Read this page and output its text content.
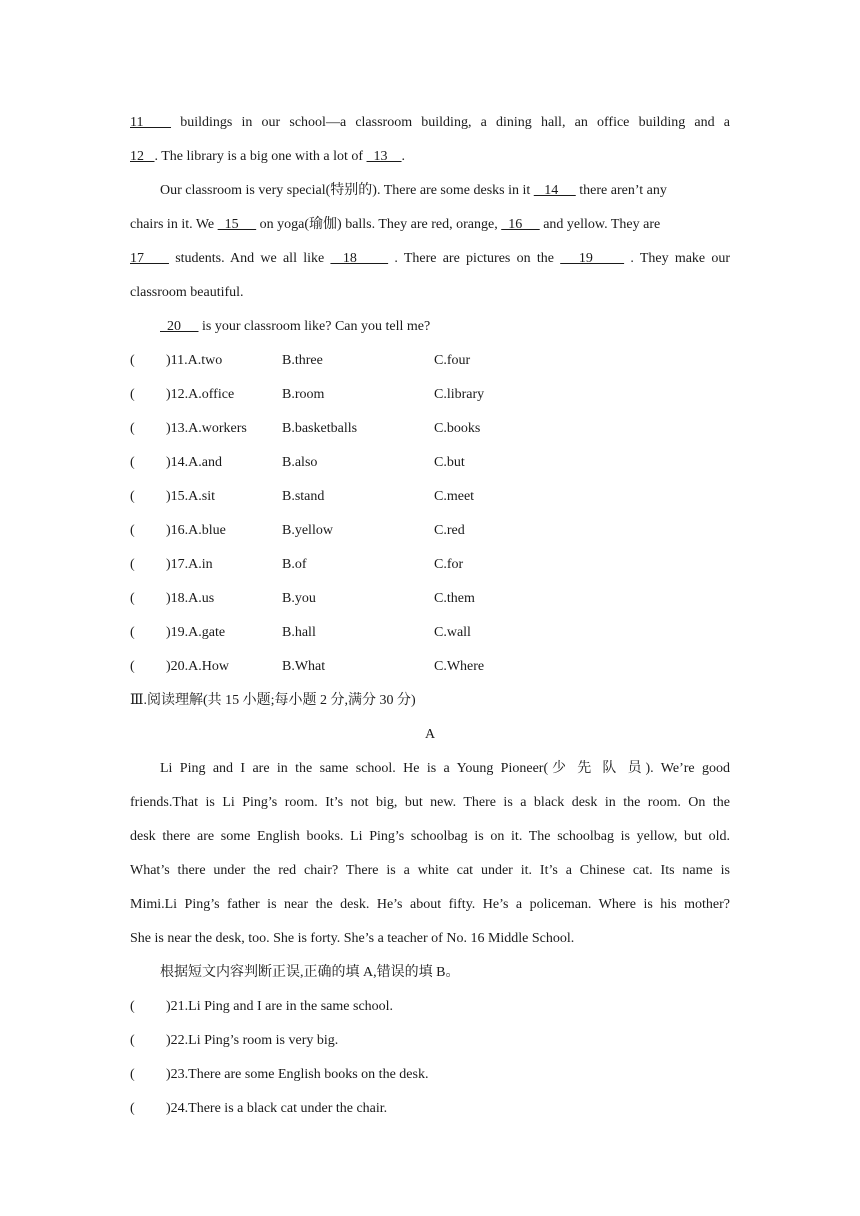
11    buildings in our school—a classroom building, a dining hall, an office building and a
12   . The library is a big one with a lot of   13    .
Our classroom is very special(特别的). There are some desks in it    14      there aren’t any
chairs in it. We   15      on yoga(瑜伽) balls. They are red, orange,   16      and yellow. They are
17     students. And we all like   18      . There are pictures on the    19      . They make our
classroom beautiful.
20      is your classroom like? Can you tell me?
( )11.A.two	B.three	C.four
( )12.A.office	B.room	C.library
( )13.A.workers	B.basketballs	C.books
( )14.A.and	B.also	C.but
( )15.A.sit	B.stand	C.meet
( )16.A.blue	B.yellow	C.red
( )17.A.in	B.of	C.for
( )18.A.us	B.you	C.them
( )19.A.gate	B.hall	C.wall
( )20.A.How	B.What	C.Where
Ⅲ.阅读理解(共 15 小题;每小题 2 分,满分 30 分)
A
Li Ping and I are in the same school. He is a Young Pioneer(少 先 队 员). We’re good
friends.That is Li Ping’s room. It’s not big, but new. There is a black desk in the room. On the
desk there are some English books. Li Ping’s schoolbag is on it. The schoolbag is yellow, but old.
What’s there under the red chair? There is a white cat under it. It’s a Chinese cat. Its name is
Mimi.Li Ping’s father is near the desk. He’s about fifty. He’s a policeman. Where is his mother?
She is near the desk, too. She is forty. She’s a teacher of No. 16 Middle School.
根据短文内容判断正误,正确的填 A,错误的填 B。
( )21.Li Ping and I are in the same school.
( )22.Li Ping’s room is very big.
( )23.There are some English books on the desk.
( )24.There is a black cat under the chair.
